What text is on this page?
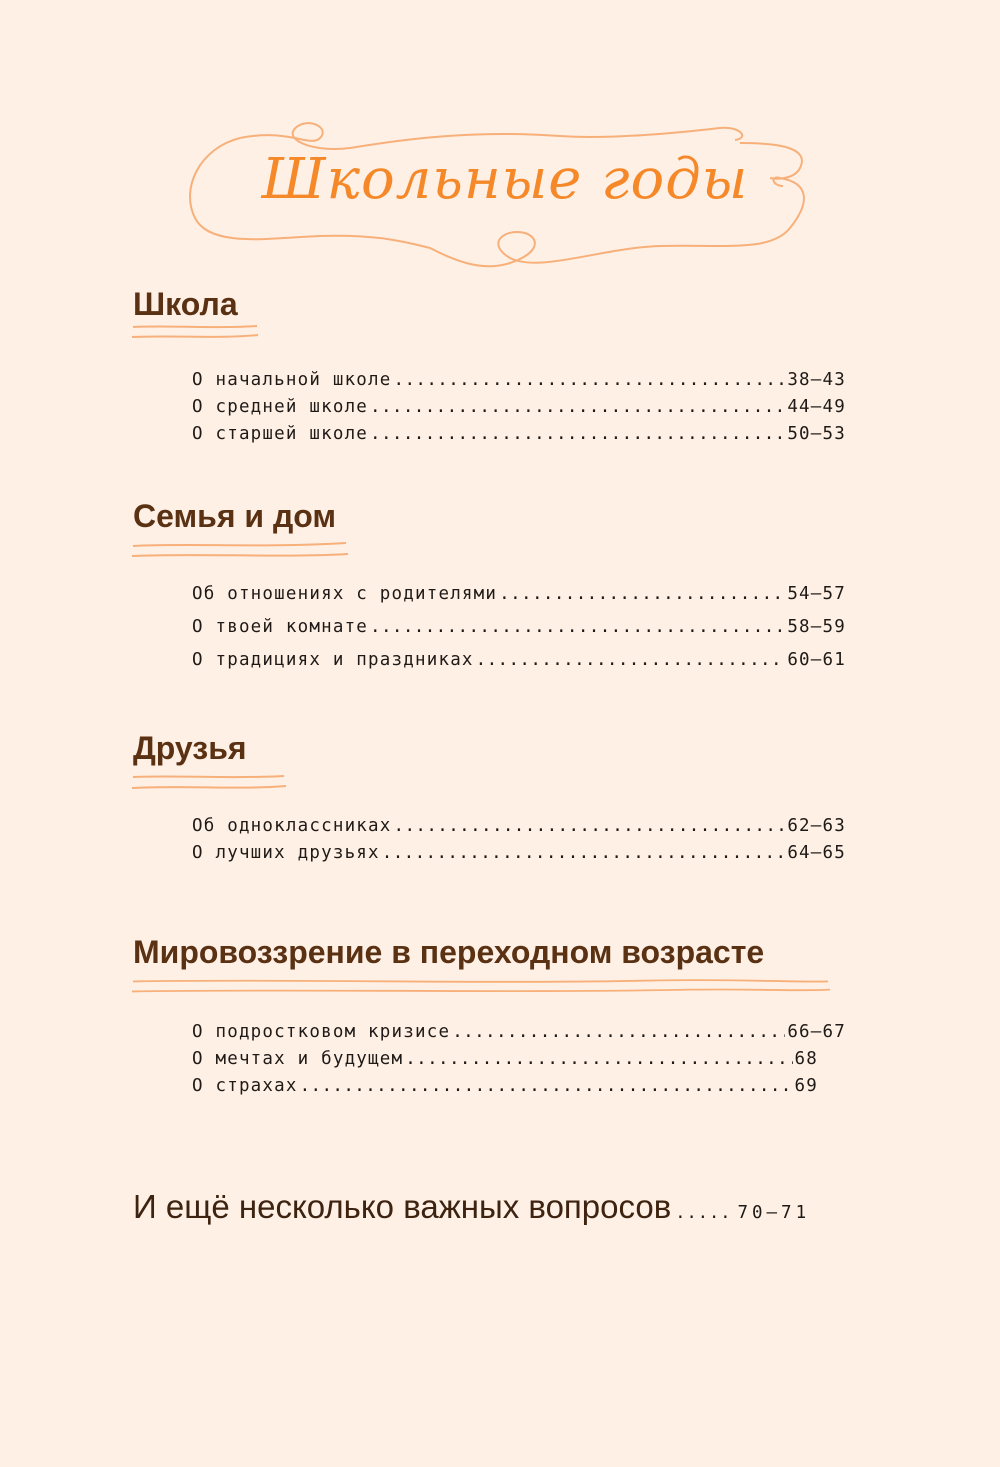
Школьные годы
Школа
О начальной школе .....	38–43
О средней школе .....	44–49
О старшей школе .....	50–53
Семья и дом
Об отношениях с родителями .....	54–57
О твоей комнате .....	58–59
О традициях и праздниках .....	60–61
Друзья
Об одноклассниках .....	62–63
О лучших друзьях .....	64–65
Мировоззрение в переходном возрасте
О подростковом кризисе .....	66–67
О мечтах и будущем .....	68
О страхах .....	69
И ещё несколько важных вопросов ..... 70–71
